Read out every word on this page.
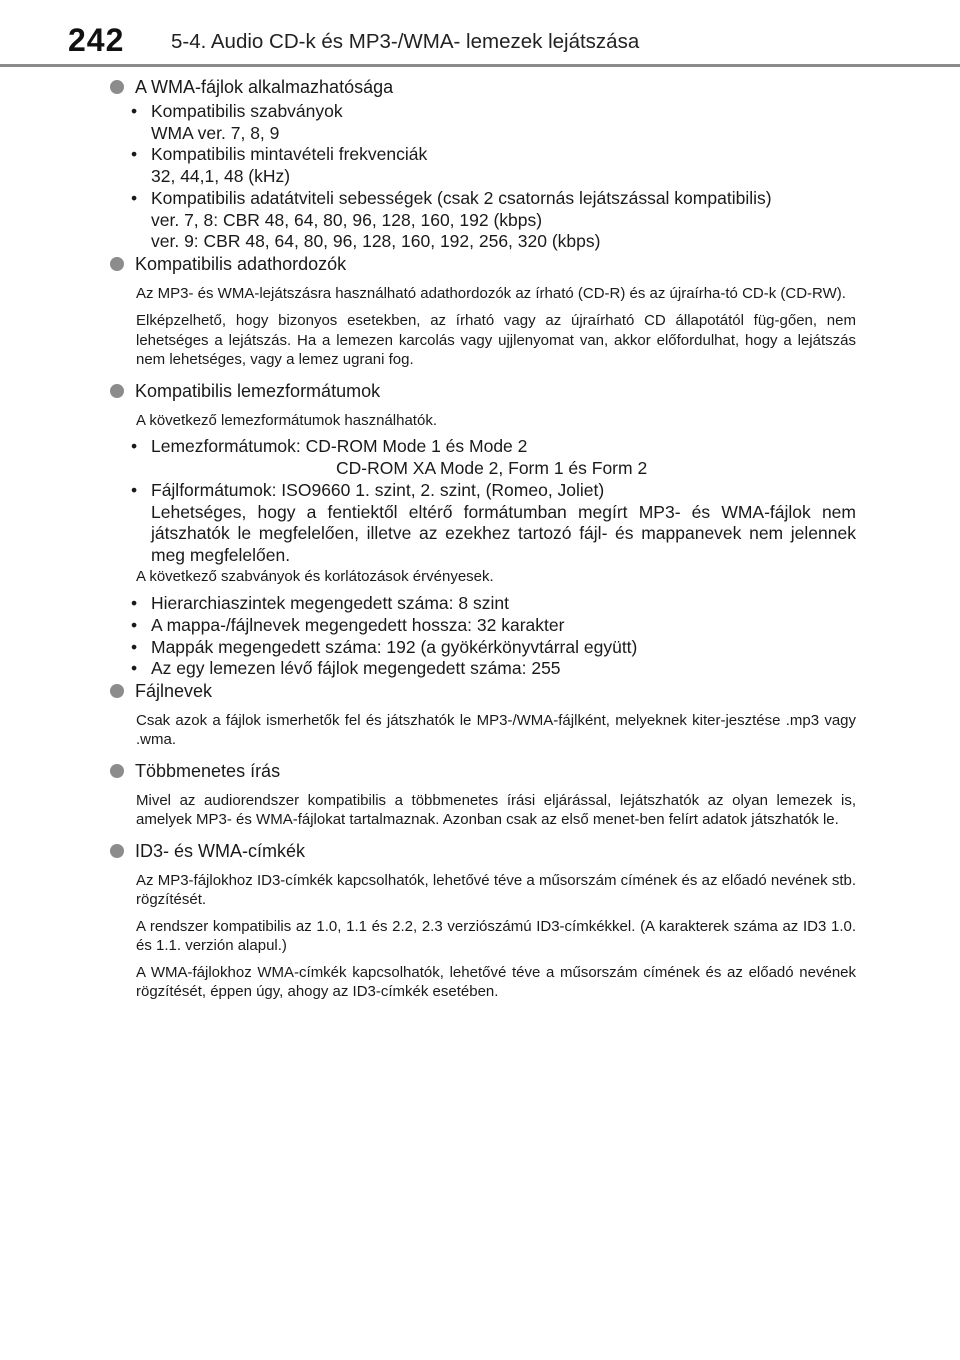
242 5-4. Audio CD-k és MP3-/WMA- lemezek lejátszása
A WMA-fájlok alkalmazhatósága
• Kompatibilis szabványok
WMA ver. 7, 8, 9
• Kompatibilis mintavételi frekvenciák
32, 44,1, 48 (kHz)
• Kompatibilis adatátviteli sebességek (csak 2 csatornás lejátszással kompatibilis)
ver. 7, 8: CBR 48, 64, 80, 96, 128, 160, 192 (kbps)
ver. 9: CBR 48, 64, 80, 96, 128, 160, 192, 256, 320 (kbps)
Kompatibilis adathordozók

Az MP3- és WMA-lejátszásra használható adathordozók az írható (CD-R) és az újraírha-tó CD-k (CD-RW).

Elképzelhető, hogy bizonyos esetekben, az írható vagy az újraírható CD állapotától füg-gően, nem lehetséges a lejátszás. Ha a lemezen karcolás vagy ujjlenyomat van, akkor előfordulhat, hogy a lejátszás nem lehetséges, vagy a lemez ugrani fog.

Kompatibilis lemezformátumok

A következő lemezformátumok használhatók.

• Lemezformátumok: CD-ROM Mode 1 és Mode 2
CD-ROM XA Mode 2, Form 1 és Form 2
• Fájlformátumok: ISO9660 1. szint, 2. szint, (Romeo, Joliet)
Lehetséges, hogy a fentiektől eltérő formátumban megírt MP3- és WMA-fájlok nem játszhatók le megfelelően, illetve az ezekhez tartozó fájl- és mappanevek nem jelennek meg megfelelően.

A következő szabványok és korlátozások érvényesek.

• Hierarchiaszintek megengedett száma: 8 szint
• A mappa-/fájlnevek megengedett hossza: 32 karakter
• Mappák megengedett száma: 192 (a gyökérkönyvtárral együtt)
• Az egy lemezen lévő fájlok megengedett száma: 255
Fájlnevek

Csak azok a fájlok ismerhetők fel és játszhatók le MP3-/WMA-fájlként, melyeknek kiter-jesztése .mp3 vagy .wma.

Többmenetes írás

Mivel az audiorendszer kompatibilis a többmenetes írási eljárással, lejátszhatók az olyan lemezek is, amelyek MP3- és WMA-fájlokat tartalmaznak. Azonban csak az első menet-ben felírt adatok játszhatók le.

ID3- és WMA-címkék

Az MP3-fájlokhoz ID3-címkék kapcsolhatók, lehetővé téve a műsorszám címének és az előadó nevének stb. rögzítését.

A rendszer kompatibilis az 1.0, 1.1 és 2.2, 2.3 verziószámú ID3-címkékkel. (A karakterek száma az ID3 1.0. és 1.1. verzión alapul.)

A WMA-fájlokhoz WMA-címkék kapcsolhatók, lehetővé téve a műsorszám címének és az előadó nevének rögzítését, éppen úgy, ahogy az ID3-címkék esetében.
